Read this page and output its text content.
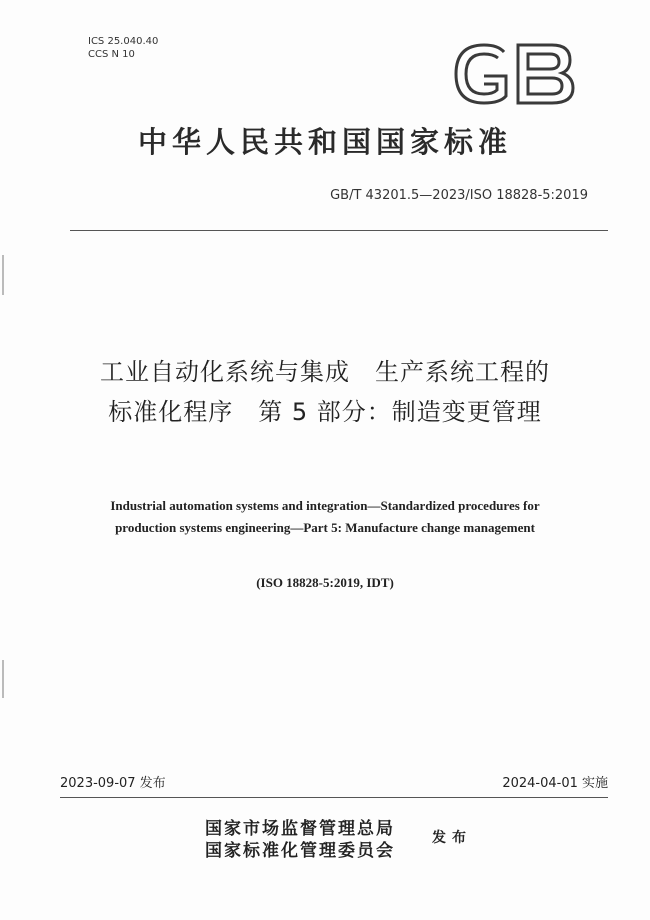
ICS 25.040.40
CCS N 10
中华人民共和国国家标准
GB/T 43201.5—2023/ISO 18828-5:2019
工业自动化系统与集成　生产系统工程的
标准化程序　第 5 部分：制造变更管理
Industrial automation systems and integration—Standardized procedures for
production systems engineering—Part 5: Manufacture change management
(ISO 18828-5:2019, IDT)
2023-09-07 发布	2024-04-01 实施
国家市场监督管理总局
国家标准化管理委员会
发布
